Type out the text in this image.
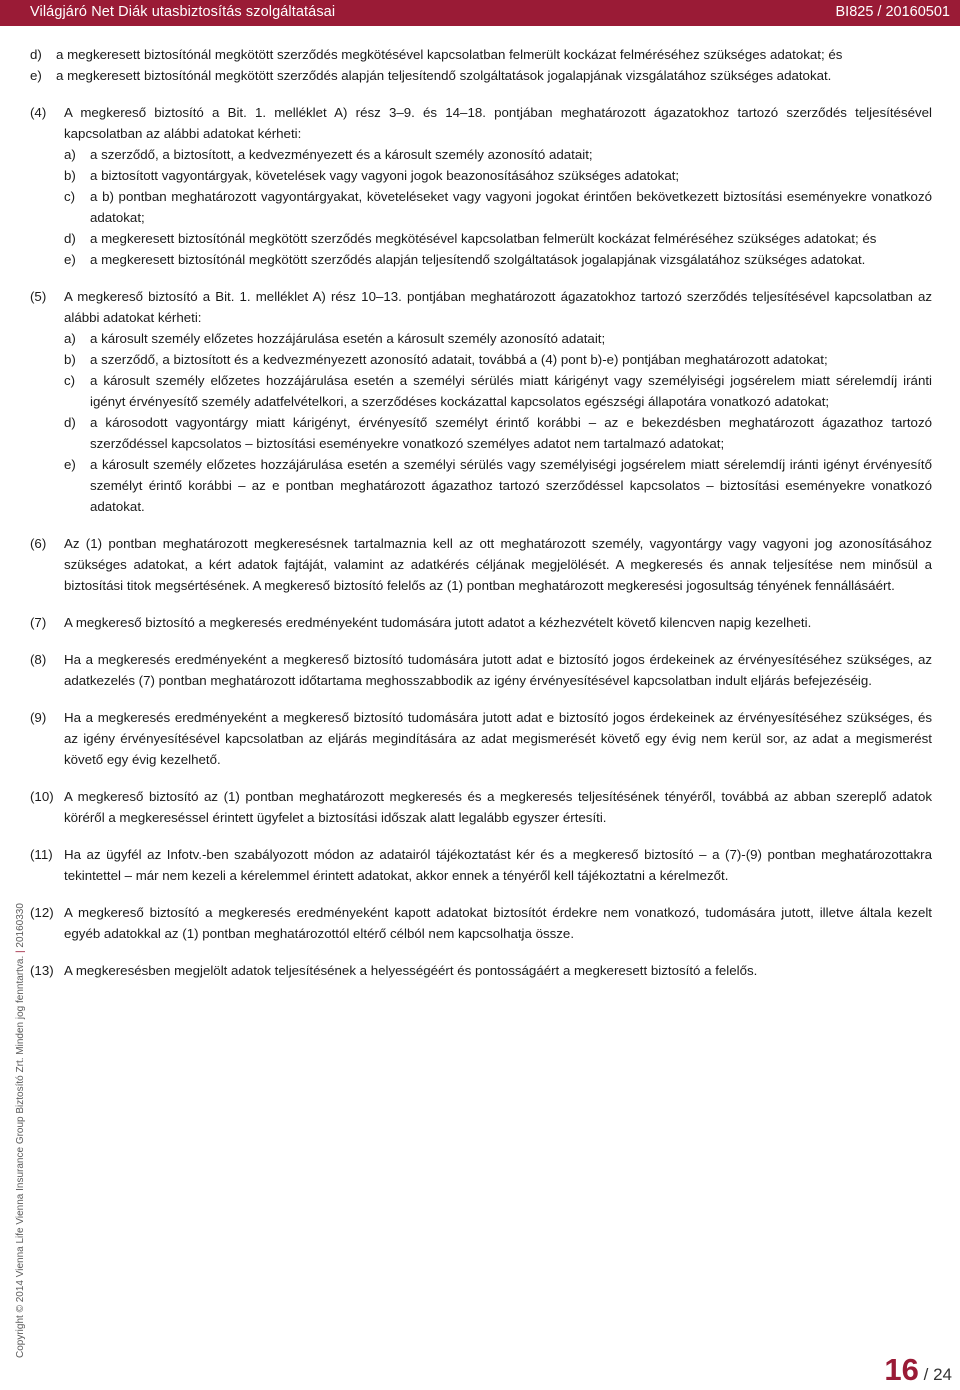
Világjáró Net Diák utasbiztosítás szolgáltatásai	BI825 / 20160501
Copyright © 2014 Vienna Life Vienna Insurance Group Biztosító Zrt. Minden jog fenntartva. | 20160330
d)	a megkeresett biztosítónál megkötött szerződés megkötésével kapcsolatban felmerült kockázat felméréséhez szükséges adatokat; és
e)	a megkeresett biztosítónál megkötött szerződés alapján teljesítendő szolgáltatások jogalapjának vizsgálatához szükséges adatokat.
(4)	A megkereső biztosító a Bit. 1. melléklet A) rész 3–9. és 14–18. pontjában meghatározott ágazatokhoz tartozó szerződés teljesítésével kapcsolatban az alábbi adatokat kérheti:
a)	a szerződő, a biztosított, a kedvezményezett és a károsult személy azonosító adatait;
b)	a biztosított vagyontárgyak, követelések vagy vagyoni jogok beazonosításához szükséges adatokat;
c)	a b) pontban meghatározott vagyontárgyakat, követeléseket vagy vagyoni jogokat érintően bekövetkezett biztosítási eseményekre vonatkozó adatokat;
d)	a megkeresett biztosítónál megkötött szerződés megkötésével kapcsolatban felmerült kockázat felméréséhez szükséges adatokat; és
e)	a megkeresett biztosítónál megkötött szerződés alapján teljesítendő szolgáltatások jogalapjának vizsgálatához szükséges adatokat.
(5)	A megkereső biztosító a Bit. 1. melléklet A) rész 10–13. pontjában meghatározott ágazatokhoz tartozó szerződés teljesítésével kapcsolatban az alábbi adatokat kérheti:
a)	a károsult személy előzetes hozzájárulása esetén a károsult személy azonosító adatait;
b)	a szerződő, a biztosított és a kedvezményezett azonosító adatait, továbbá a (4) pont b)-e) pontjában meghatározott adatokat;
c)	a károsult személy előzetes hozzájárulása esetén a személyi sérülés miatt kárigényt vagy személyiségi jogsérelem miatt sérelemdíj iránti igényt érvényesítő személy adatfelvételkori, a szerződéses kockázattal kapcsolatos egészségi állapotára vonatkozó adatokat;
d)	a károsodott vagyontárgy miatt kárigényt, érvényesítő személyt érintő korábbi – az e bekezdésben meghatározott ágazathoz tartozó szerződéssel kapcsolatos – biztosítási eseményekre vonatkozó személyes adatot nem tartalmazó adatokat;
e)	a károsult személy előzetes hozzájárulása esetén a személyi sérülés vagy személyiségi jogsérelem miatt sérelemdíj iránti igényt érvényesítő személyt érintő korábbi – az e pontban meghatározott ágazathoz tartozó szerződéssel kapcsolatos – biztosítási eseményekre vonatkozó adatokat.
(6)	Az (1) pontban meghatározott megkeresésnek tartalmaznia kell az ott meghatározott személy, vagyontárgy vagy vagyoni jog azonosításához szükséges adatokat, a kért adatok fajtáját, valamint az adatkérés céljának megjelölését. A megkeresés és annak teljesítése nem minősül a biztosítási titok megsértésének. A megkereső biztosító felelős az (1) pontban meghatározott megkeresési jogosultság tényének fennállásáért.
(7)	A megkereső biztosító a megkeresés eredményeként tudomására jutott adatot a kézhezvételt követő kilencven napig kezelheti.
(8)	Ha a megkeresés eredményeként a megkereső biztosító tudomására jutott adat e biztosító jogos érdekeinek az érvényesítéséhez szükséges, az adatkezelés (7) pontban meghatározott időtartama meghosszabbodik az igény érvényesítésével kapcsolatban indult eljárás befejezéséig.
(9)	Ha a megkeresés eredményeként a megkereső biztosító tudomására jutott adat e biztosító jogos érdekeinek az érvényesítéséhez szükséges, és az igény érvényesítésével kapcsolatban az eljárás megindítására az adat megismerését követő egy évig nem kerül sor, az adat a megismerést követő egy évig kezelhető.
(10) A megkereső biztosító az (1) pontban meghatározott megkeresés és a megkeresés teljesítésének tényéről, továbbá az abban szereplő adatok köréről a megkereséssel érintett ügyfelet a biztosítási időszak alatt legalább egyszer értesíti.
(11) Ha az ügyfél az Infotv.-ben szabályozott módon az adatairól tájékoztatást kér és a megkereső biztosító – a (7)-(9) pontban meghatározottakra tekintettel – már nem kezeli a kérelemmel érintett adatokat, akkor ennek a tényéről kell tájékoztatni a kérelmezőt.
(12) A megkereső biztosító a megkeresés eredményeként kapott adatokat biztosítót érdekre nem vonatkozó, tudomására jutott, illetve általa kezelt egyéb adatokkal az (1) pontban meghatározottól eltérő célból nem kapcsolhatja össze.
(13) A megkeresésben megjelölt adatok teljesítésének a helyességéért és pontosságáért a megkeresett biztosító a felelős.
16 / 24
